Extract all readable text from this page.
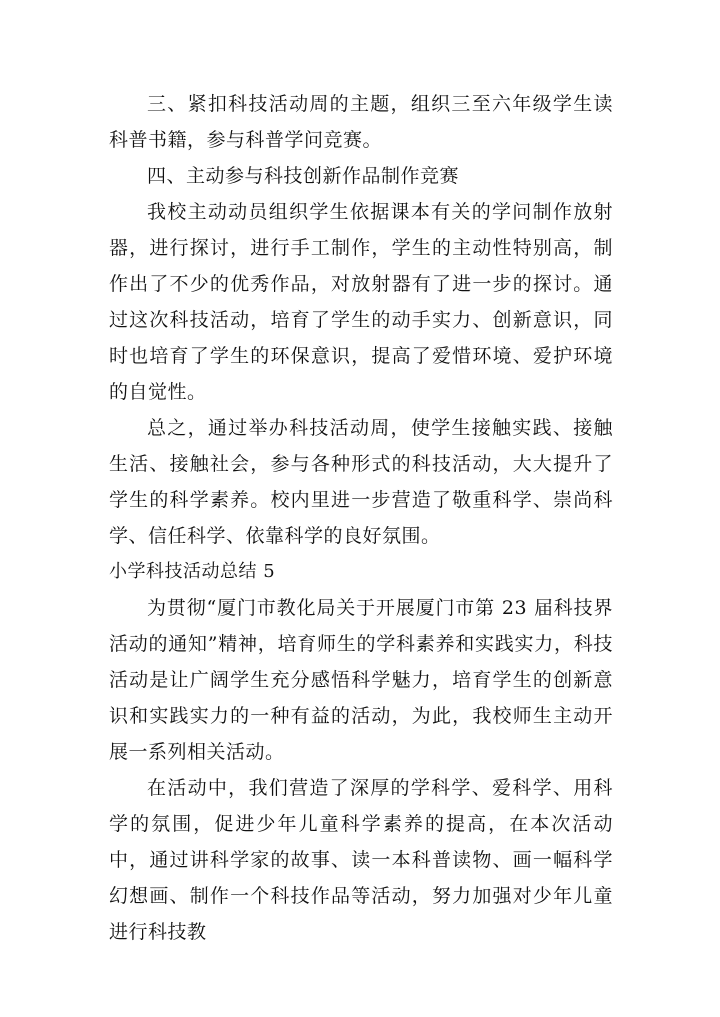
三、紧扣科技活动周的主题，组织三至六年级学生读科普书籍，参与科普学问竞赛。

四、主动参与科技创新作品制作竞赛

我校主动动员组织学生依据课本有关的学问制作放射器，进行探讨，进行手工制作，学生的主动性特别高，制作出了不少的优秀作品，对放射器有了进一步的探讨。通过这次科技活动，培育了学生的动手实力、创新意识，同时也培育了学生的环保意识，提高了爱惜环境、爱护环境的自觉性。

总之，通过举办科技活动周，使学生接触实践、接触生活、接触社会，参与各种形式的科技活动，大大提升了学生的科学素养。校内里进一步营造了敬重科学、崇尚科学、信任科学、依靠科学的良好氛围。

小学科技活动总结 5

为贯彻“厦门市教化局关于开展厦门市第 23 届科技界活动的通知”精神，培育师生的学科素养和实践实力，科技活动是让广阔学生充分感悟科学魅力，培育学生的创新意识和实践实力的一种有益的活动，为此，我校师生主动开展一系列相关活动。

在活动中，我们营造了深厚的学科学、爱科学、用科学的氛围，促进少年儿童科学素养的提高，在本次活动中，通过讲科学家的故事、读一本科普读物、画一幅科学幻想画、制作一个科技作品等活动，努力加强对少年儿童进行科技教
